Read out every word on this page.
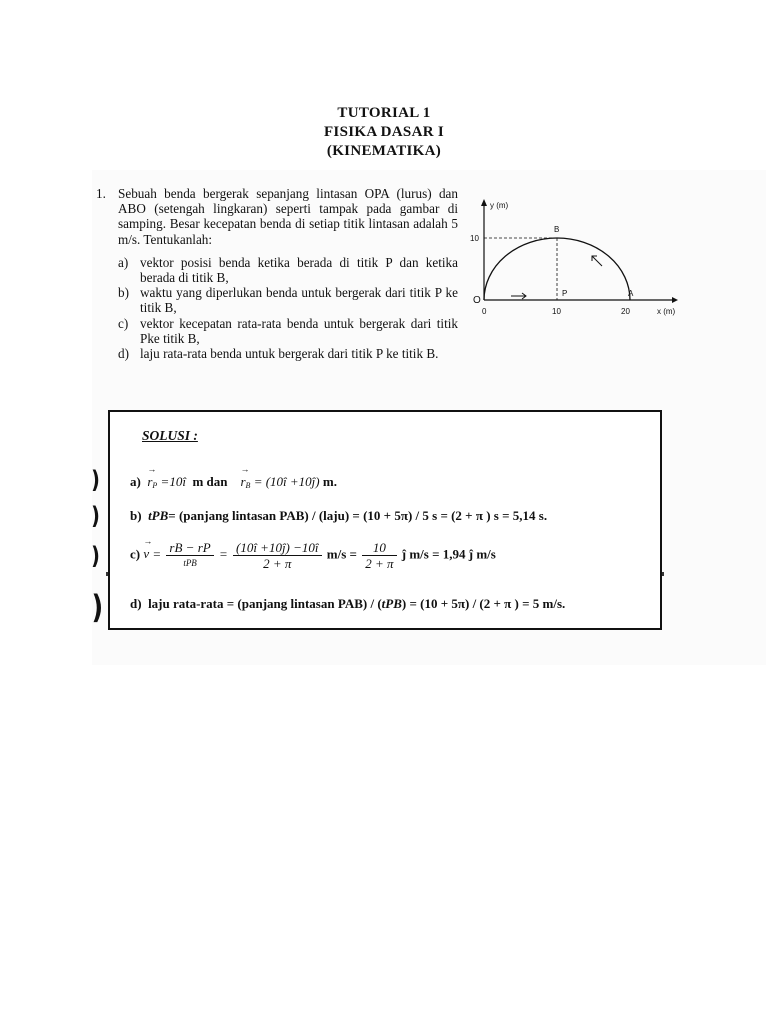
TUTORIAL 1
FISIKA DASAR I
(KINEMATIKA)
1. Sebuah benda bergerak sepanjang lintasan OPA (lurus) dan ABO (setengah lingkaran) seperti tampak pada gambar di samping. Besar kecepatan benda di setiap titik lintasan adalah 5 m/s. Tentukanlah:
a) vektor posisi benda ketika berada di titik P dan ketika berada di titik B,
b) waktu yang diperlukan benda untuk bergerak dari titik P ke titik B,
c) vektor kecepatan rata-rata benda untuk bergerak dari titik Pke titik B,
d) laju rata-rata benda untuk bergerak dari titik P ke titik B.
y (m)
x (m)
10
0	10	20
O
B
P	A
)
)
)
)
SOLUSI :
$a) \to r_P$ =10î m dan → $r_B$ = (10î +10ĵ) m.
b) tPB= (panjang lintasan PAB) / (laju) = (10 + 5π) / 5 s = (2 + π ) s = 5,14 s.
$c) \to \overline{v} = \frac{rB - rP}{\text{tPB}} = \frac{(10î +10ĵ) -10î}{2 + \pi} m/s = \frac{10}{2 + \pi}$ ĵ m/s = 1,94 ĵ m/s
d) laju rata-rata = (panjang lintasan PAB) / (tPB) = (10 + 5π) / (2 + π ) = 5 m/s.
